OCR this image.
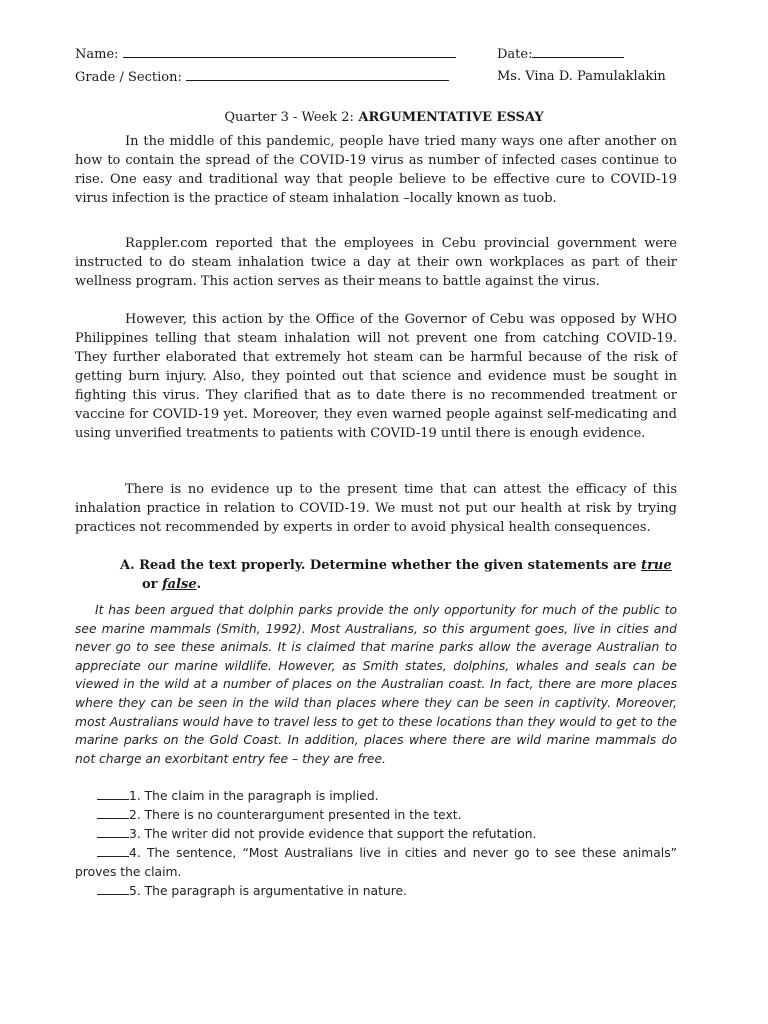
Name:	Date:
Grade / Section:	Ms. Vina D. Pamulaklakin
Quarter 3 - Week 2: ARGUMENTATIVE ESSAY

In the middle of this pandemic, people have tried many ways one after another on how to contain the spread of the COVID-19 virus as number of infected cases continue to rise. One easy and traditional way that people believe to be effective cure to COVID-19 virus infection is the practice of steam inhalation –locally known as tuob.

Rappler.com reported that the employees in Cebu provincial government were instructed to do steam inhalation twice a day at their own workplaces as part of their wellness program. This action serves as their means to battle against the virus.

However, this action by the Office of the Governor of Cebu was opposed by WHO Philippines telling that steam inhalation will not prevent one from catching COVID-19. They further elaborated that extremely hot steam can be harmful because of the risk of getting burn injury. Also, they pointed out that science and evidence must be sought in fighting this virus. They clarified that as to date there is no recommended treatment or vaccine for COVID-19 yet. Moreover, they even warned people against self-medicating and using unverified treatments to patients with COVID-19 until there is enough evidence.

There is no evidence up to the present time that can attest the efficacy of this inhalation practice in relation to COVID-19. We must not put our health at risk by trying practices not recommended by experts in order to avoid physical health consequences.

A. Read the text properly. Determine whether the given statements are true
or false.

It has been argued that dolphin parks provide the only opportunity for much of the public to see marine mammals (Smith, 1992). Most Australians, so this argument goes, live in cities and never go to see these animals. It is claimed that marine parks allow the average Australian to appreciate our marine wildlife. However, as Smith states, dolphins, whales and seals can be viewed in the wild at a number of places on the Australian coast. In fact, there are more places where they can be seen in the wild than places where they can be seen in captivity. Moreover, most Australians would have to travel less to get to these locations than they would to get to the marine parks on the Gold Coast. In addition, places where there are wild marine mammals do not charge an exorbitant entry fee – they are free.

1. The claim in the paragraph is implied.
2. There is no counterargument presented in the text.
3. The writer did not provide evidence that support the refutation.
4. The sentence, “Most Australians live in cities and never go to see these animals” proves the claim.
5. The paragraph is argumentative in nature.
